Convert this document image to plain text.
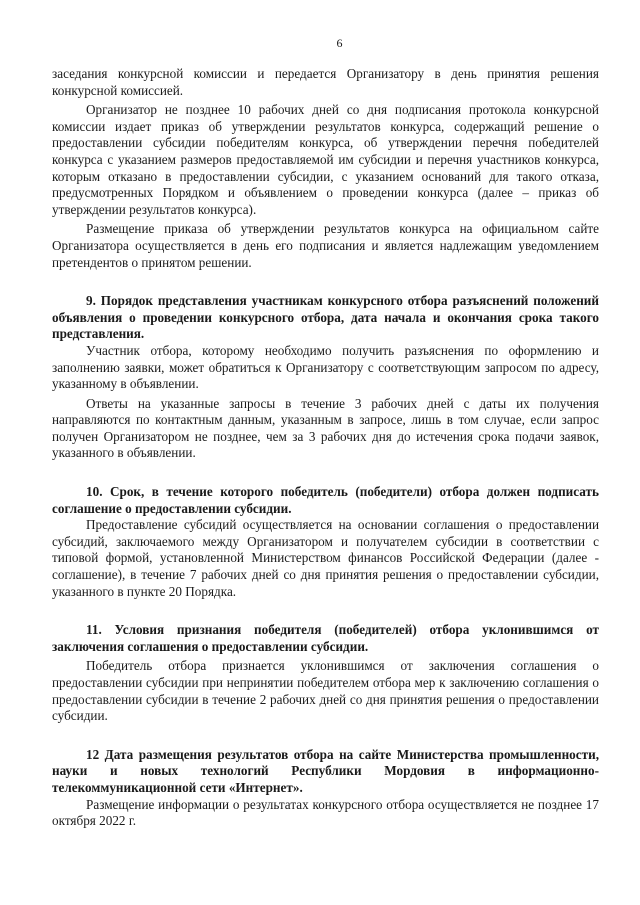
6

заседания конкурсной комиссии и передается Организатору в день принятия решения конкурсной комиссией.

Организатор не позднее 10 рабочих дней со дня подписания протокола конкурсной комиссии издает приказ об утверждении результатов конкурса, содержащий решение о предоставлении субсидии победителям конкурса, об утверждении перечня победителей конкурса с указанием размеров предоставляемой им субсидии и перечня участников конкурса, которым отказано в предоставлении субсидии, с указанием оснований для такого отказа, предусмотренных Порядком и объявлением о проведении конкурса (далее – приказ об утверждении результатов конкурса).

Размещение приказа об утверждении результатов конкурса на официальном сайте Организатора осуществляется в день его подписания и является надлежащим уведомлением претендентов о принятом решении.

9. Порядок представления участникам конкурсного отбора разъяснений положений объявления о проведении конкурсного отбора, дата начала и окончания срока такого представления.

Участник отбора, которому необходимо получить разъяснения по оформлению и заполнению заявки, может обратиться к Организатору с соответствующим запросом по адресу, указанному в объявлении.

Ответы на указанные запросы в течение 3 рабочих дней с даты их получения направляются по контактным данным, указанным в запросе, лишь в том случае, если запрос получен Организатором не позднее, чем за 3 рабочих дня до истечения срока подачи заявок, указанного в объявлении.

10. Срок, в течение которого победитель (победители) отбора должен подписать соглашение о предоставлении субсидии.

Предоставление субсидий осуществляется на основании соглашения о предоставлении субсидий, заключаемого между Организатором и получателем субсидии в соответствии с типовой формой, установленной Министерством финансов Российской Федерации (далее - соглашение), в течение 7 рабочих дней со дня принятия решения о предоставлении субсидии, указанного в пункте 20 Порядка.

11. Условия признания победителя (победителей) отбора уклонившимся от заключения соглашения о предоставлении субсидии.

Победитель отбора признается уклонившимся от заключения соглашения о предоставлении субсидии при непринятии победителем отбора мер к заключению соглашения о предоставлении субсидии в течение 2 рабочих дней со дня принятия решения о предоставлении субсидии.

12 Дата размещения результатов отбора на сайте Министерства промышленности, науки и новых технологий Республики Мордовия в информационно-телекоммуникационной сети «Интернет».

Размещение информации о результатах конкурсного отбора осуществляется не позднее 17 октября 2022 г.
